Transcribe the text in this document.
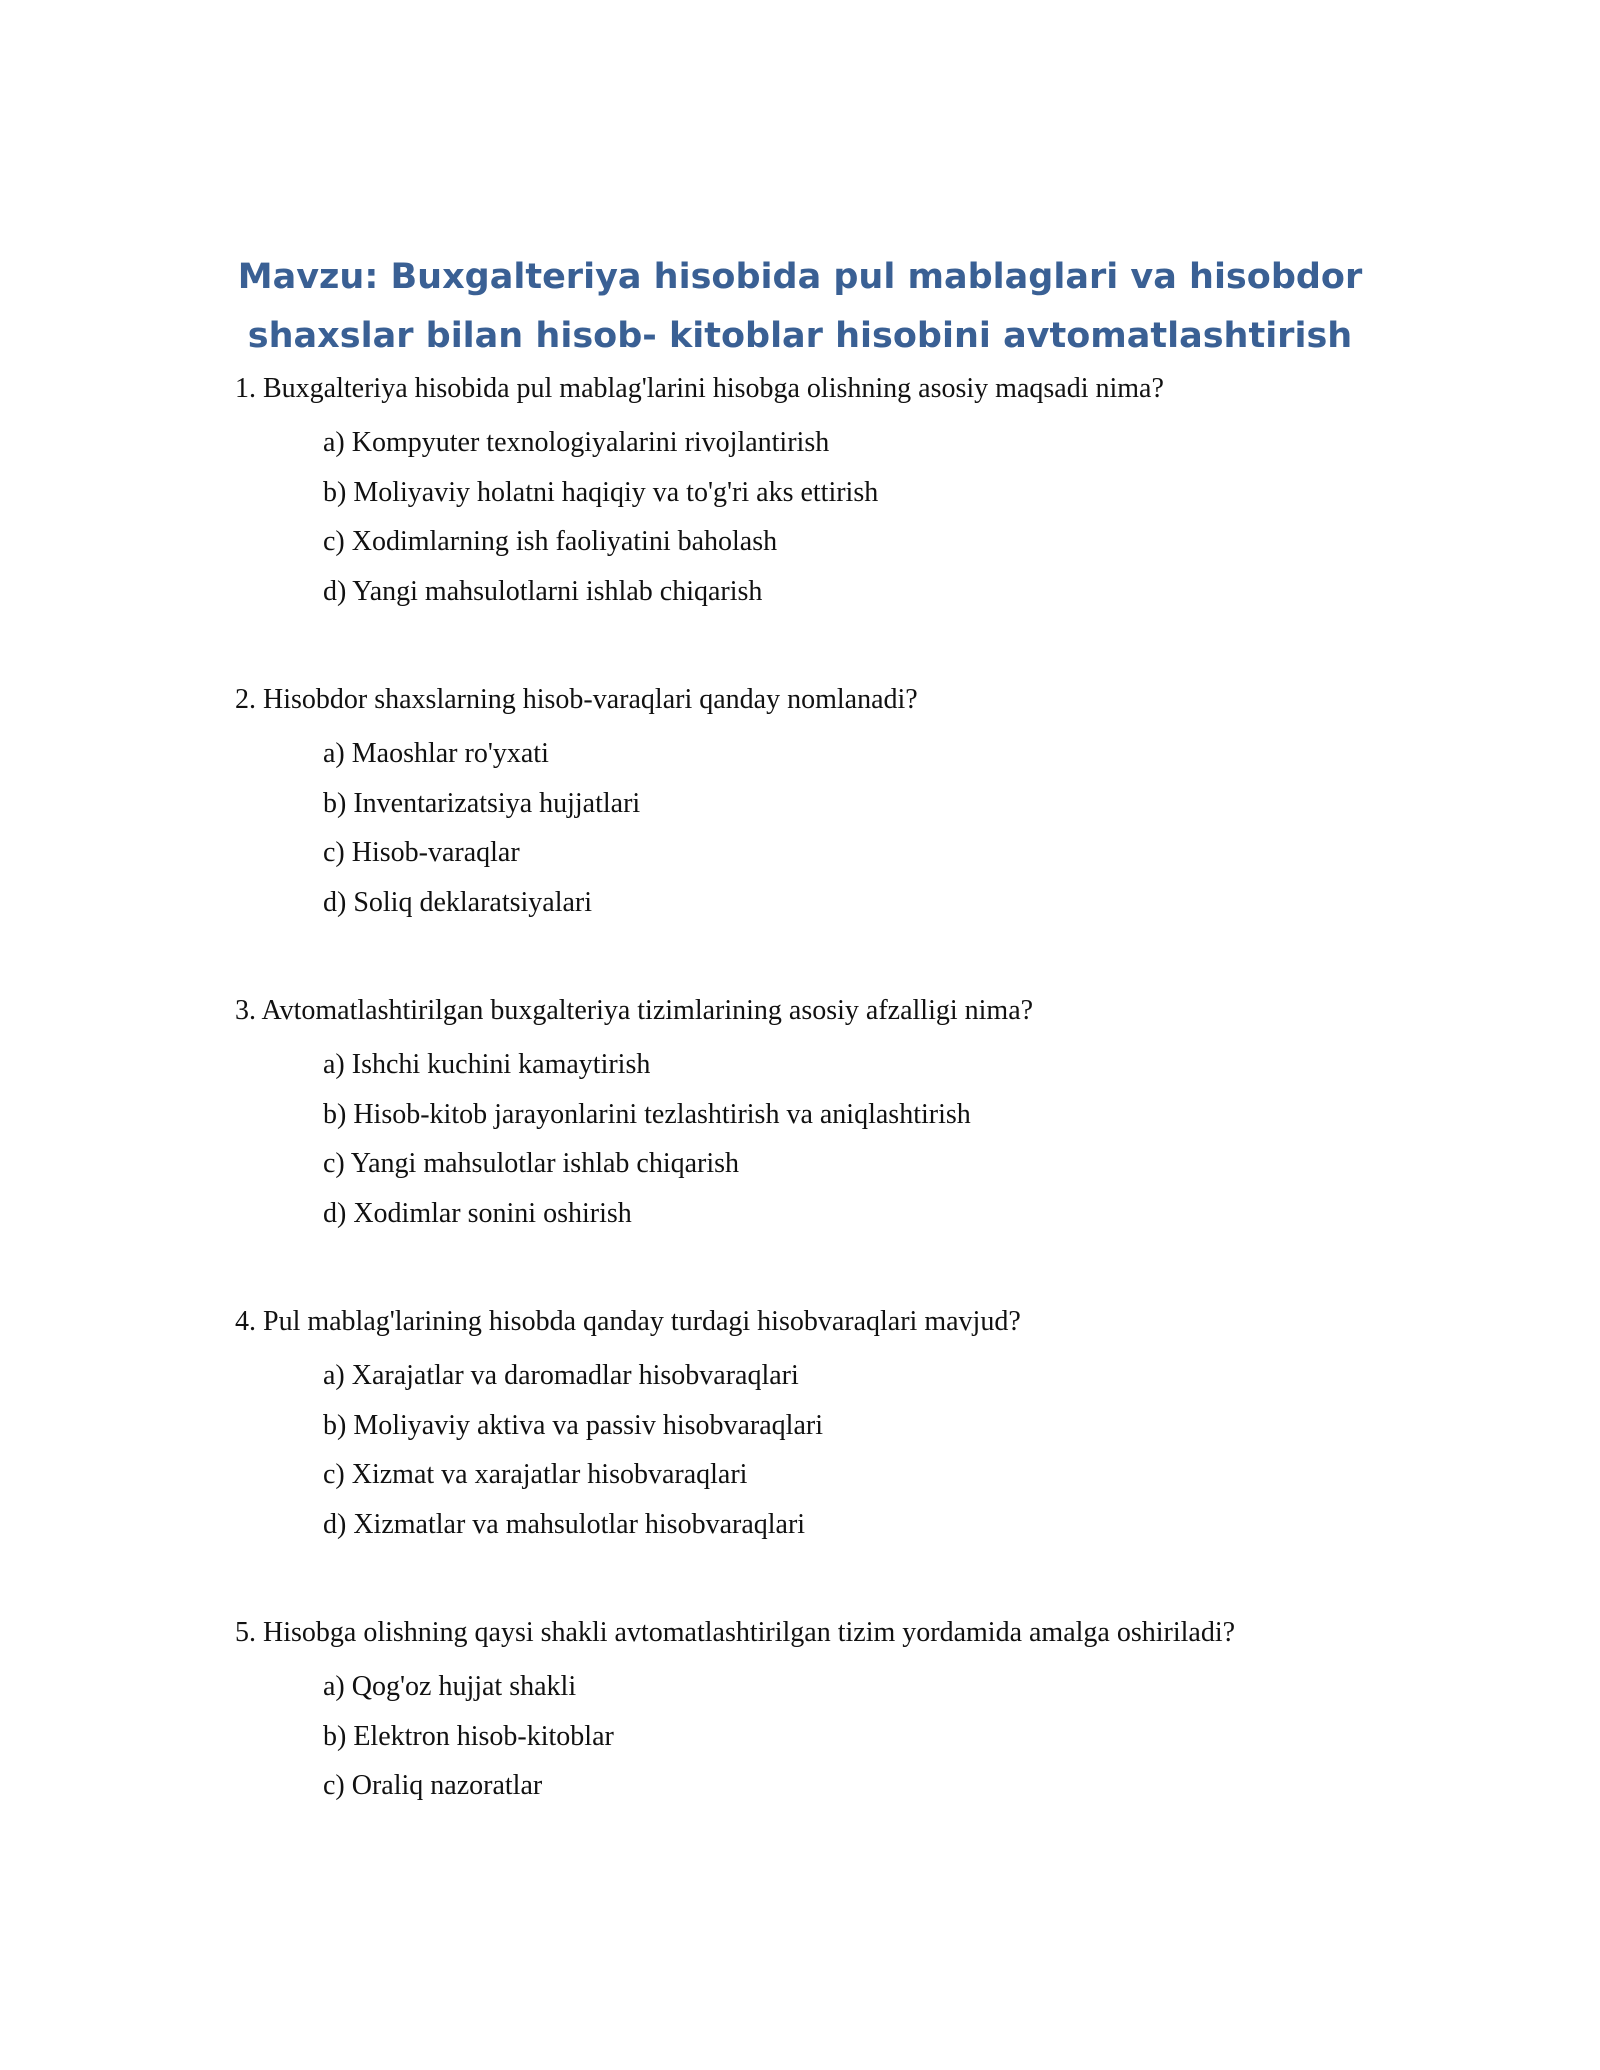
Mavzu: Buxgalteriya hisobida pul mablaglari va hisobdor
shaxslar bilan hisob- kitoblar hisobini avtomatlashtirish

1. Buxgalteriya hisobida pul mablag'larini hisobga olishning asosiy maqsadi nima?

a) Kompyuter texnologiyalarini rivojlantirish
b) Moliyaviy holatni haqiqiy va to'g'ri aks ettirish
c) Xodimlarning ish faoliyatini baholash
d) Yangi mahsulotlarni ishlab chiqarish

2. Hisobdor shaxslarning hisob-varaqlari qanday nomlanadi?

a) Maoshlar ro'yxati
b) Inventarizatsiya hujjatlari
c) Hisob-varaqlar
d) Soliq deklaratsiyalari

3. Avtomatlashtirilgan buxgalteriya tizimlarining asosiy afzalligi nima?

a) Ishchi kuchini kamaytirish
b) Hisob-kitob jarayonlarini tezlashtirish va aniqlashtirish
c) Yangi mahsulotlar ishlab chiqarish
d) Xodimlar sonini oshirish

4. Pul mablag'larining hisobda qanday turdagi hisobvaraqlari mavjud?

a) Xarajatlar va daromadlar hisobvaraqlari
b) Moliyaviy aktiva va passiv hisobvaraqlari
c) Xizmat va xarajatlar hisobvaraqlari
d) Xizmatlar va mahsulotlar hisobvaraqlari

5. Hisobga olishning qaysi shakli avtomatlashtirilgan tizim yordamida amalga oshiriladi?

a) Qog'oz hujjat shakli
b) Elektron hisob-kitoblar
c) Oraliq nazoratlar
